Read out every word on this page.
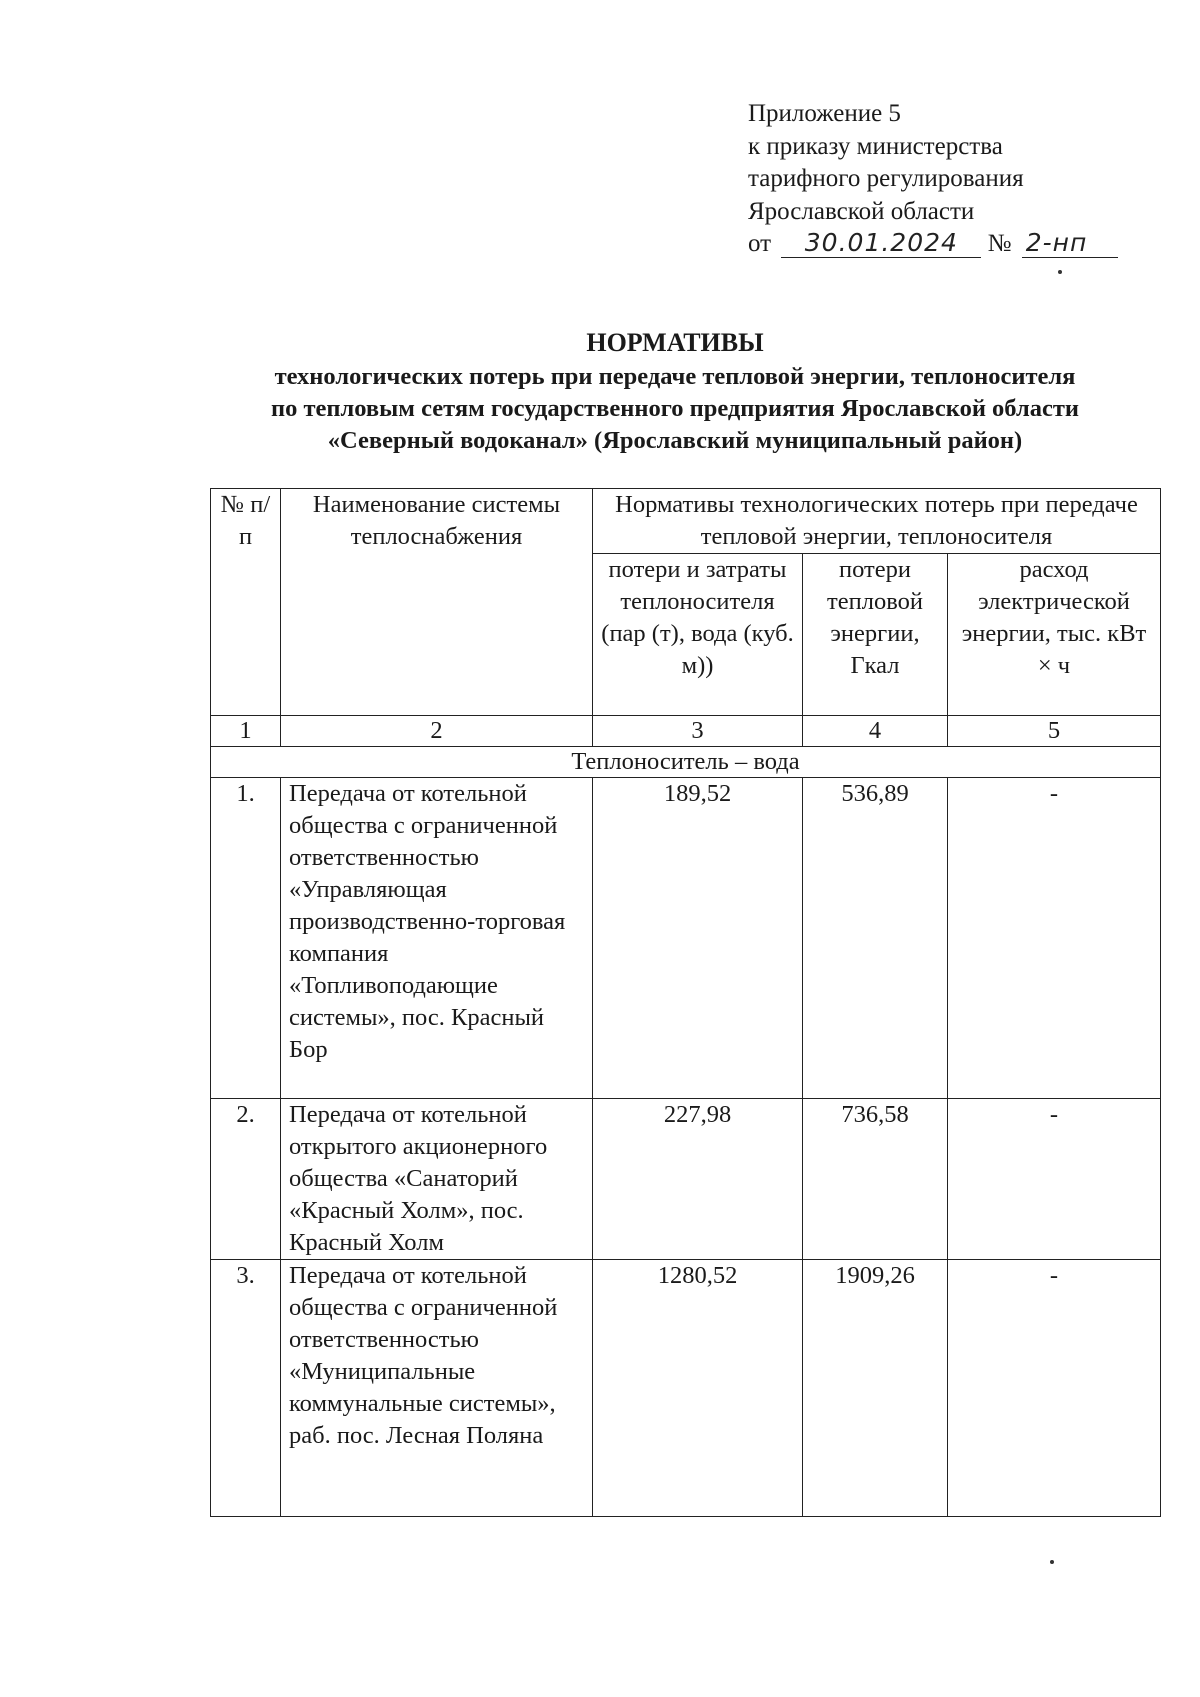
Приложение 5
к приказу министерства
тарифного регулирования
Ярославской области
от 30.01.2024 № 2-нп
НОРМАТИВЫ
технологических потерь при передаче тепловой энергии, теплоносителя
по тепловым сетям государственного предприятия Ярославской области
«Северный водоканал» (Ярославский муниципальный район)
№ п/п	Наименование системы теплоснабжения	Нормативы технологических потерь при передаче тепловой энергии, теплоносителя		
		потери и затраты теплоносителя (пар (т), вода (куб. м))	потери тепловой энергии, Гкал	расход электрической энергии, тыс. кВт × ч
1	2	3	4	5
Теплоноситель – вода				
1.	Передача от котельной общества с ограниченной ответственностью «Управляющая производственно-торговая компания «Топливоподающие системы», пос. Красный Бор	189,52	536,89	-
2.	Передача от котельной открытого акционерного общества «Санаторий «Красный Холм», пос. Красный Холм	227,98	736,58	-
3.	Передача от котельной общества с ограниченной ответственностью «Муниципальные коммунальные системы», раб. пос. Лесная Поляна	1280,52	1909,26	-
